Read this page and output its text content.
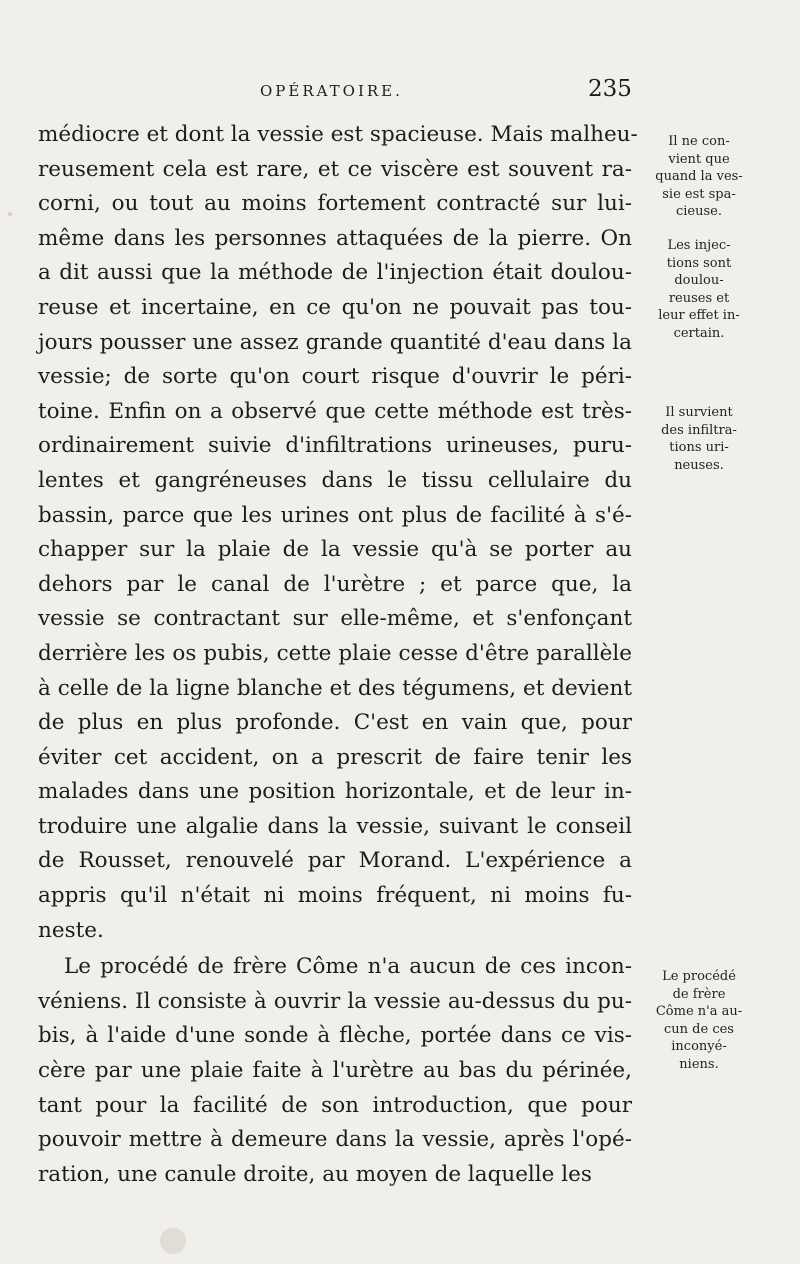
OPÉRATOIRE.	235
médiocre et dont la vessie est spacieuse. Mais malheu-
reusement cela est rare, et ce viscère est souvent ra-
corni, ou tout au moins fortement contracté sur lui-
même dans les personnes attaquées de la pierre. On
a dit aussi que la méthode de l'injection était doulou-
reuse et incertaine, en ce qu'on ne pouvait pas tou-
jours pousser une assez grande quantité d'eau dans la
vessie; de sorte qu'on court risque d'ouvrir le péri-
toine. Enfin on a observé que cette méthode est très-
ordinairement suivie d'infiltrations urineuses, puru-
lentes et gangréneuses dans le tissu cellulaire du
bassin, parce que les urines ont plus de facilité à s'é-
chapper sur la plaie de la vessie qu'à se porter au
dehors par le canal de l'urètre ; et parce que, la
vessie se contractant sur elle-même, et s'enfonçant
derrière les os pubis, cette plaie cesse d'être parallèle
à celle de la ligne blanche et des tégumens, et devient
de plus en plus profonde. C'est en vain que, pour
éviter cet accident, on a prescrit de faire tenir les
malades dans une position horizontale, et de leur in-
troduire une algalie dans la vessie, suivant le conseil
de Rousset, renouvelé par Morand. L'expérience a
appris qu'il n'était ni moins fréquent, ni moins fu-
neste.
Le procédé de frère Côme n'a aucun de ces incon-
véniens. Il consiste à ouvrir la vessie au-dessus du pu-
bis, à l'aide d'une sonde à flèche, portée dans ce vis-
cère par une plaie faite à l'urètre au bas du périnée,
tant pour la facilité de son introduction, que pour
pouvoir mettre à demeure dans la vessie, après l'opé-
ration, une canule droite, au moyen de laquelle les
Il ne con-
vient que
quand la ves-
sie est spa-
cieuse.
Les injec-
tions sont
doulou-
reuses et
leur effet in-
certain.
Il survient
des infiltra-
tions uri-
neuses.
Le procédé
de frère
Côme n'a au-
cun de ces
inconyé-
niens.
